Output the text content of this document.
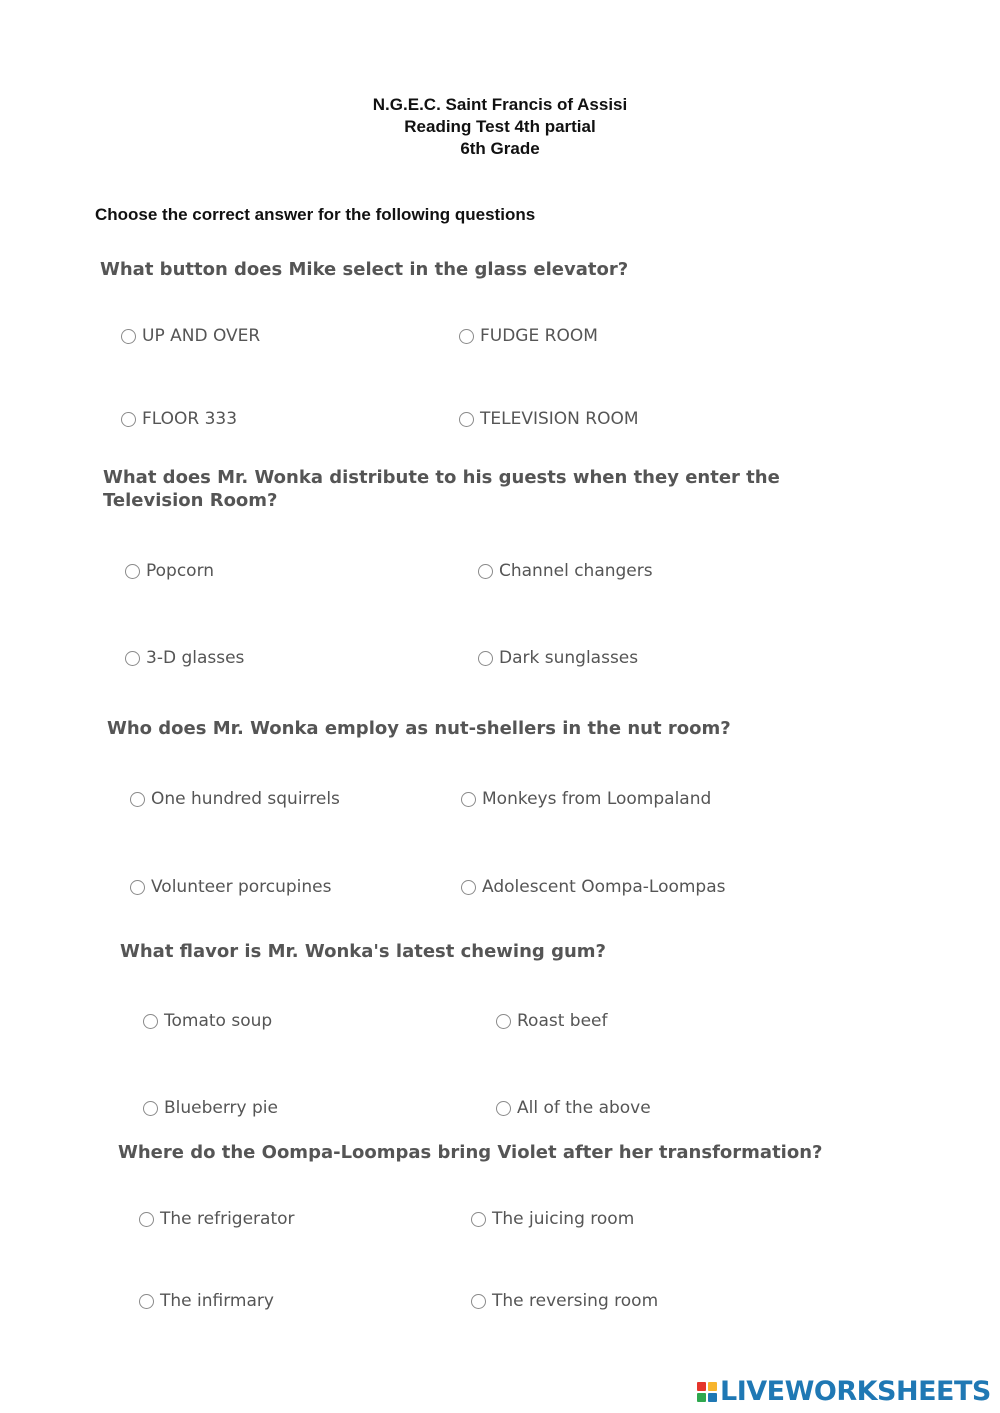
N.G.E.C. Saint Francis of Assisi
Reading Test 4th partial
6th Grade
Choose the correct answer for the following questions
What button does Mike select in the glass elevator?
UP AND OVER	FUDGE ROOM
FLOOR 333	TELEVISION ROOM
What does Mr. Wonka distribute to his guests when they enter the
Television Room?
Popcorn	Channel changers
3-D glasses	Dark sunglasses
Who does Mr. Wonka employ as nut-shellers in the nut room?
One hundred squirrels	Monkeys from Loompaland
Volunteer porcupines	Adolescent Oompa-Loompas
What flavor is Mr. Wonka's latest chewing gum?
Tomato soup	Roast beef
Blueberry pie	All of the above
Where do the Oompa-Loompas bring Violet after her transformation?
The refrigerator	The juicing room
The infirmary	The reversing room
LIVEWORKSHEETS
